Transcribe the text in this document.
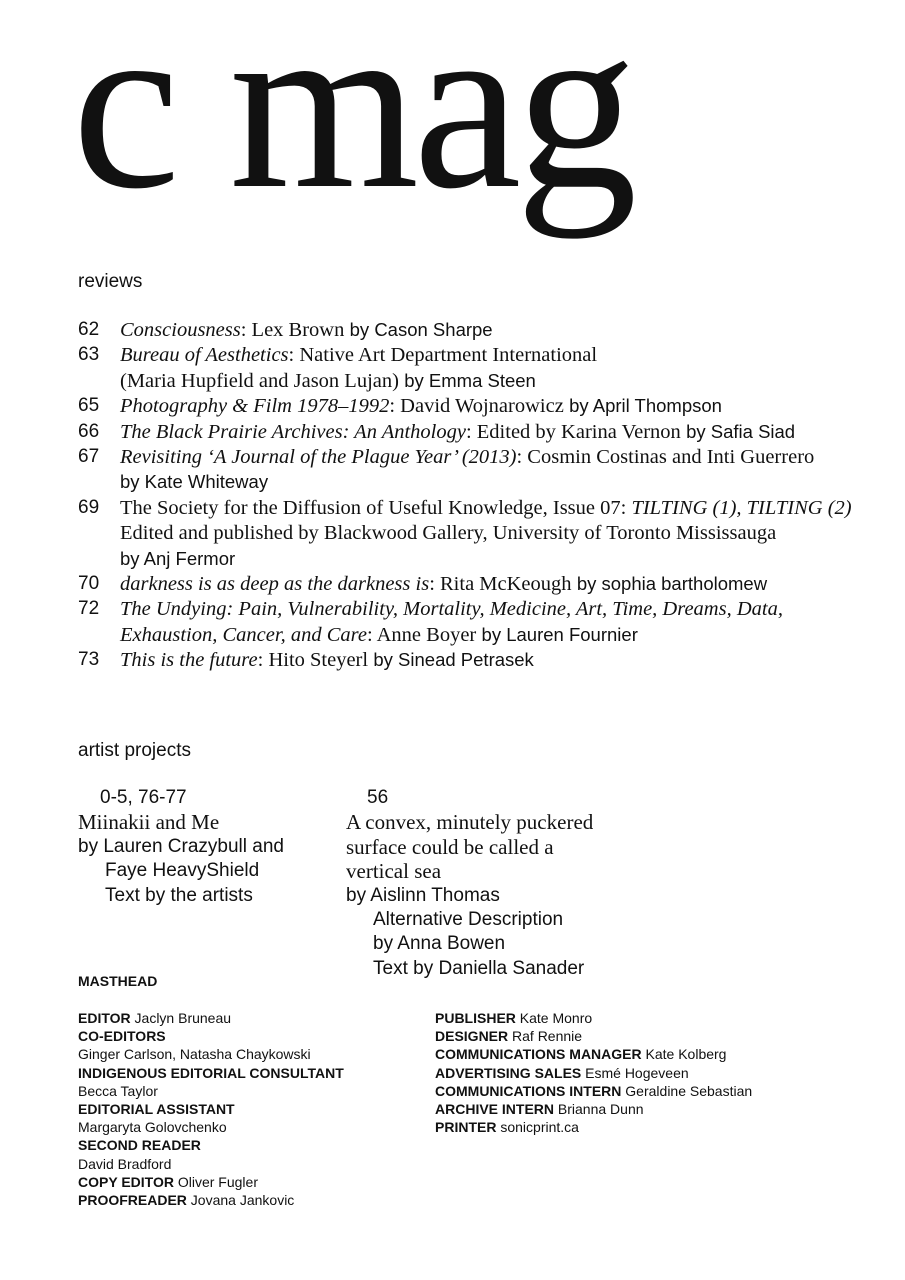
c mag
reviews
62	Consciousness: Lex Brown by Cason Sharpe
63	Bureau of Aesthetics: Native Art Department International
(Maria Hupfield and Jason Lujan) by Emma Steen
65	Photography & Film 1978–1992: David Wojnarowicz by April Thompson
66	The Black Prairie Archives: An Anthology: Edited by Karina Vernon by Safia Siad
67	Revisiting ‘A Journal of the Plague Year’ (2013): Cosmin Costinas and Inti Guerrero
by Kate Whiteway
69	The Society for the Diffusion of Useful Knowledge, Issue 07: TILTING (1), TILTING (2)
Edited and published by Blackwood Gallery, University of Toronto Mississauga
by Anj Fermor
70	darkness is as deep as the darkness is: Rita McKeough by sophia bartholomew
72	The Undying: Pain, Vulnerability, Mortality, Medicine, Art, Time, Dreams, Data,
Exhaustion, Cancer, and Care: Anne Boyer by Lauren Fournier
73	This is the future: Hito Steyerl by Sinead Petrasek
artist projects
0-5, 76-77
Miinakii and Me
by Lauren Crazybull and
Faye HeavyShield
Text by the artists
56
A convex, minutely puckered
surface could be called a
vertical sea
by Aislinn Thomas
Alternative Description
by Anna Bowen
Text by Daniella Sanader
MASTHEAD
EDITOR Jaclyn Bruneau
CO-EDITORS
Ginger Carlson, Natasha Chaykowski
INDIGENOUS EDITORIAL CONSULTANT
Becca Taylor
EDITORIAL ASSISTANT
Margaryta Golovchenko
SECOND READER
David Bradford
COPY EDITOR Oliver Fugler
PROOFREADER Jovana Jankovic
PUBLISHER Kate Monro
DESIGNER Raf Rennie
COMMUNICATIONS MANAGER Kate Kolberg
ADVERTISING SALES Esmé Hogeveen
COMMUNICATIONS INTERN Geraldine Sebastian
ARCHIVE INTERN Brianna Dunn
PRINTER sonicprint.ca
